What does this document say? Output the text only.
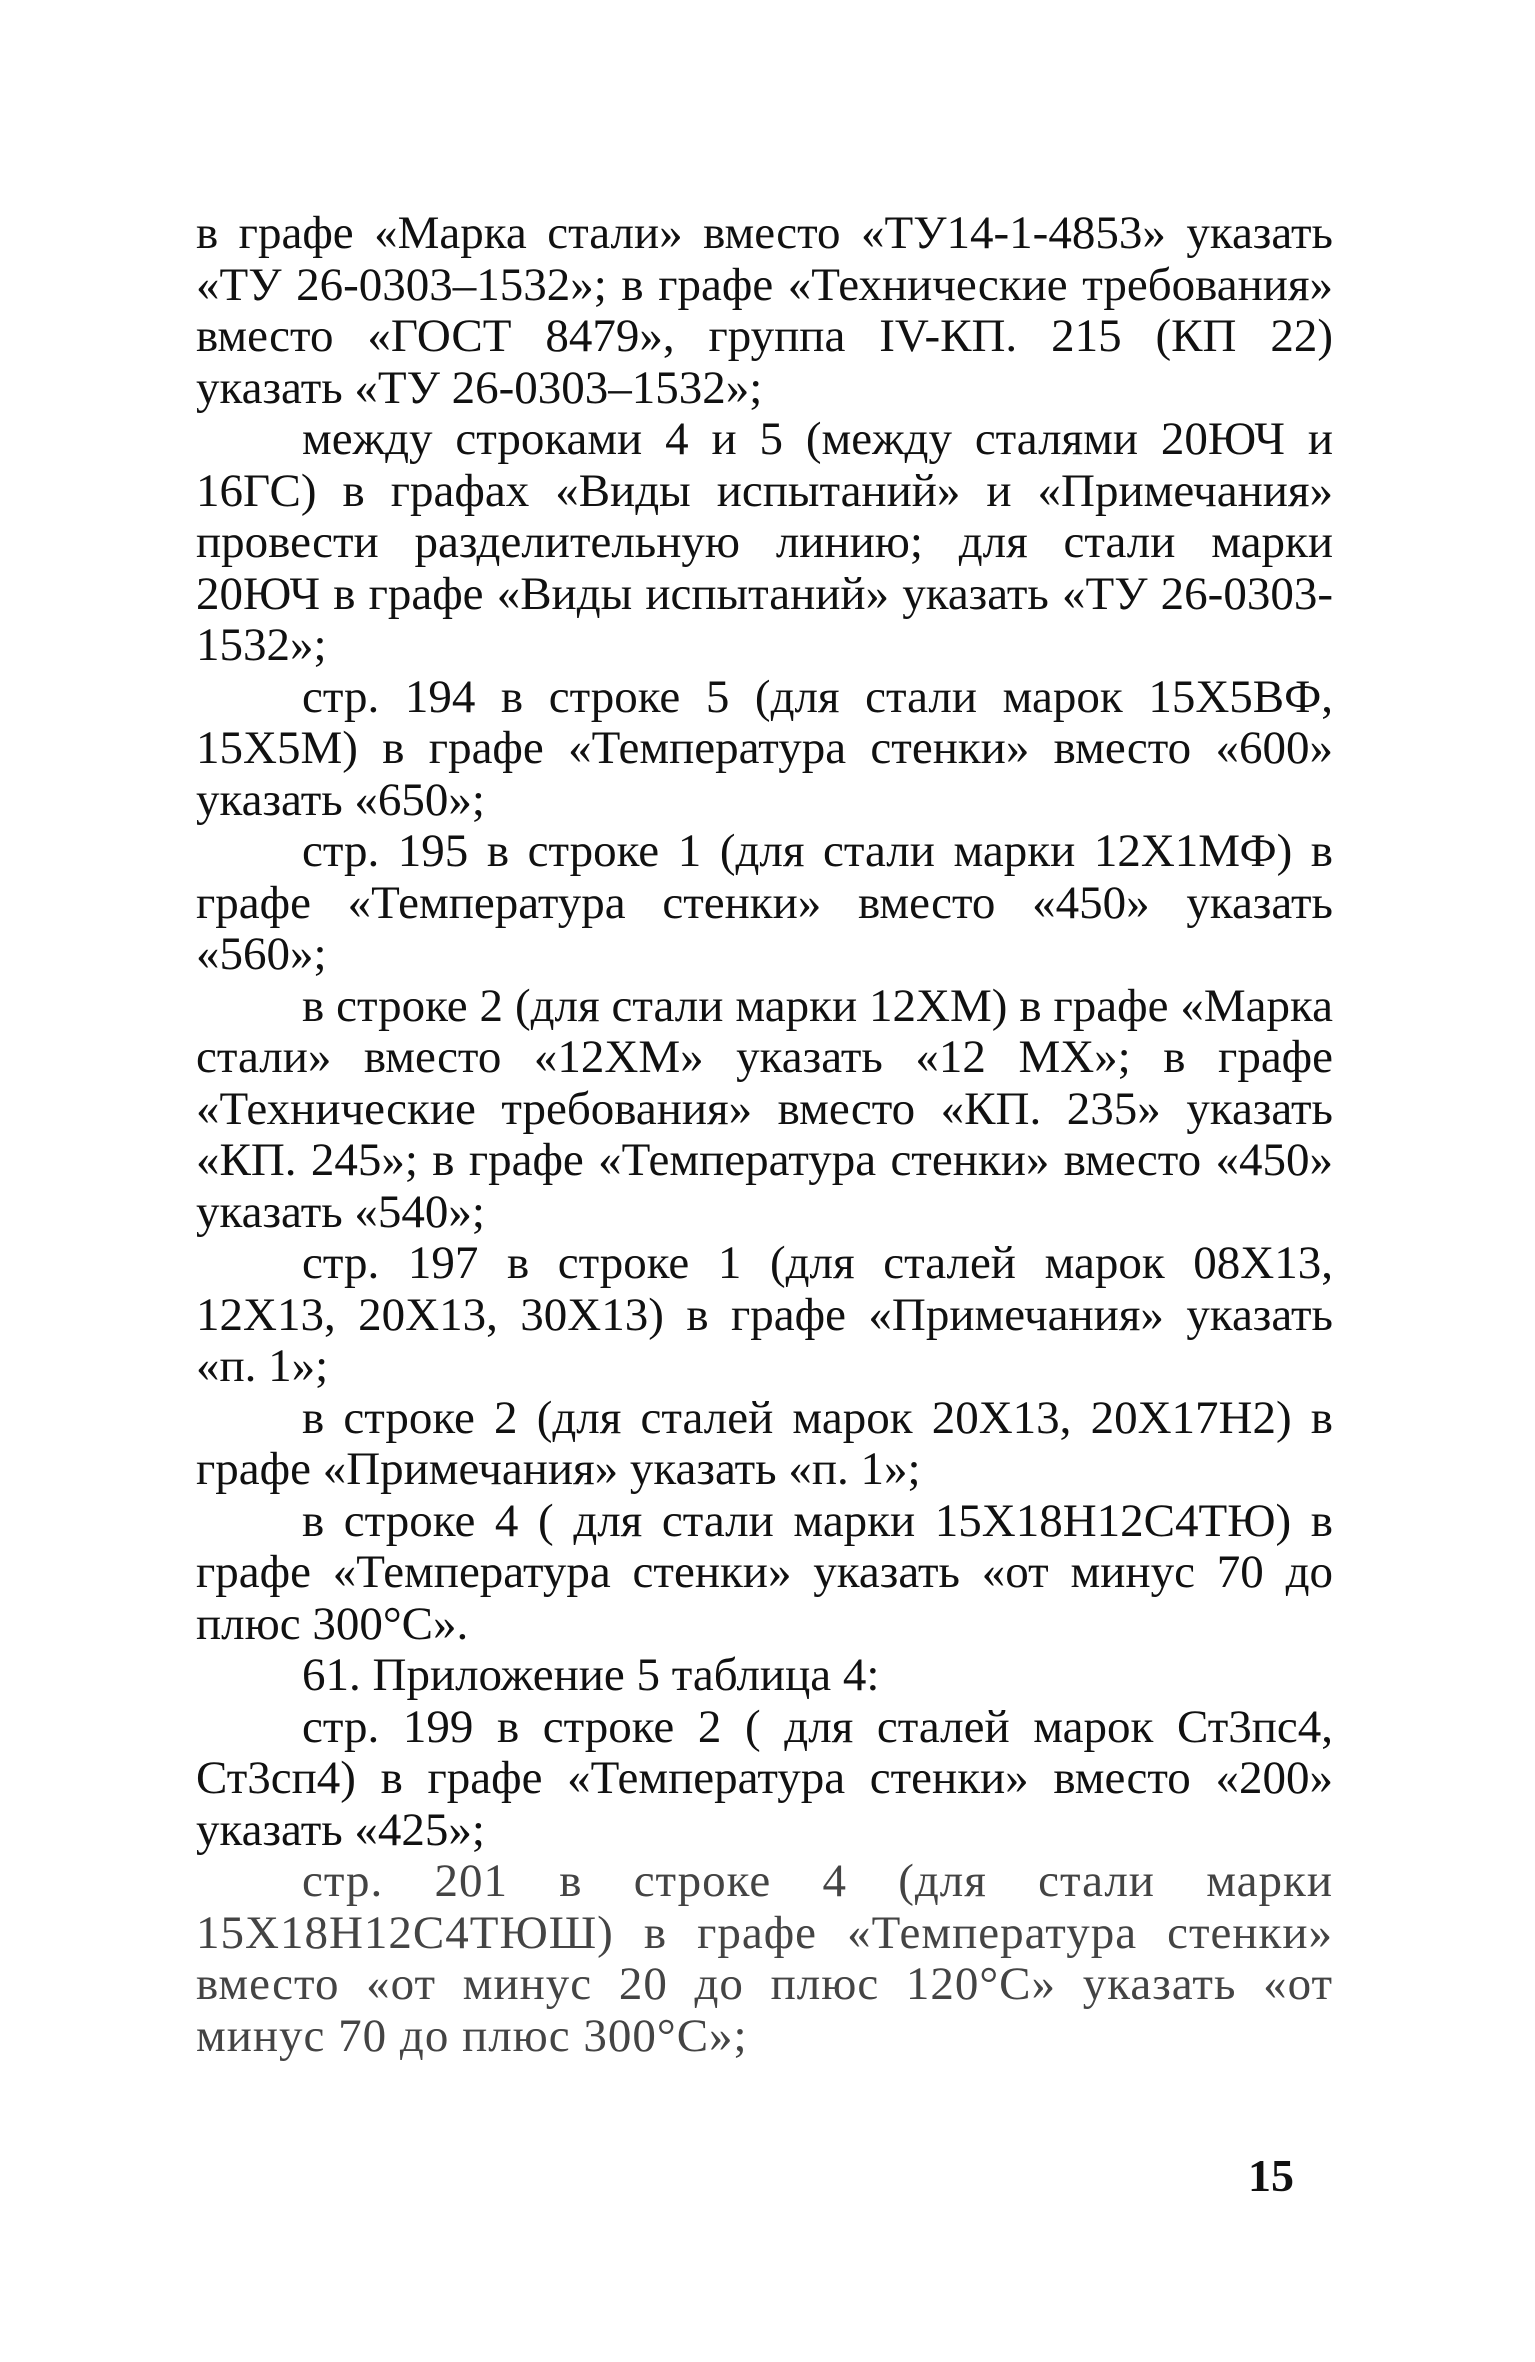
в графе «Марка стали» вместо «ТУ14-1-4853» указать «ТУ 26-0303–1532»; в графе «Технические требования» вместо «ГОСТ 8479», группа IV-КП. 215 (КП 22) указать «ТУ 26-0303–1532»;

между строками 4 и 5 (между сталями 20ЮЧ и 16ГС) в графах «Виды испытаний» и «Примечания» провести разделительную линию; для стали марки 20ЮЧ в графе «Виды испытаний» указать «ТУ 26-0303-1532»;

стр. 194 в строке 5 (для стали марок 15Х5ВФ, 15Х5М) в графе «Температура стенки» вместо «600» указать «650»;

стр. 195 в строке 1 (для стали марки 12Х1МФ) в графе «Температура стенки» вместо «450» указать «560»;

в строке 2 (для стали марки 12ХМ) в графе «Марка стали» вместо «12ХМ» указать «12 МХ»; в графе «Технические требования» вместо «КП. 235» указать «КП. 245»; в графе «Температура стенки» вместо «450» указать «540»;

стр. 197 в строке 1 (для сталей марок 08Х13, 12Х13, 20Х13, 30Х13) в графе «Примечания» указать «п. 1»;

в строке 2 (для сталей марок 20Х13, 20Х17Н2) в графе «Примечания» указать «п. 1»;

в строке 4 ( для стали марки 15Х18Н12С4ТЮ) в графе «Температура стенки» указать «от минус 70 до плюс 300°С».

61. Приложение 5 таблица 4:

стр. 199 в строке 2 ( для сталей марок Ст3пс4, Ст3сп4) в графе «Температура стенки» вместо «200» указать «425»;

стр. 201 в строке 4 (для стали марки 15Х18Н12С4ТЮШ) в графе «Температура стенки» вместо «от минус 20 до плюс 120°С» указать «от минус 70 до плюс 300°С»;

15
